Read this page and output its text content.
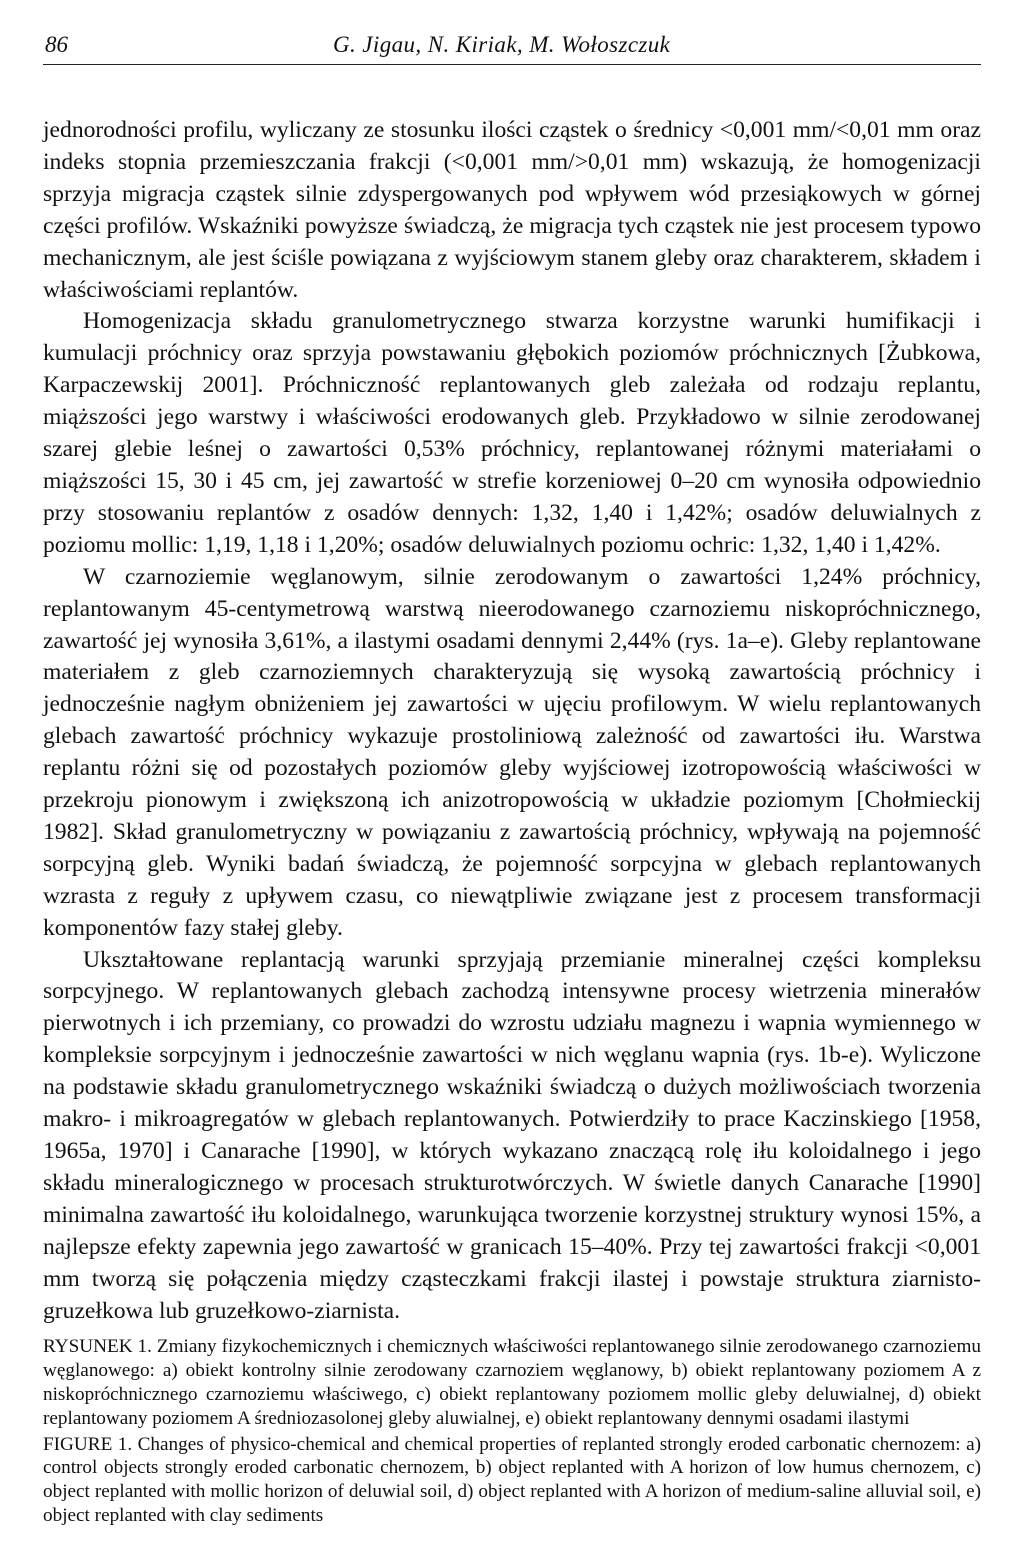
86	G. Jigau, N. Kiriak, M. Wołoszczuk

jednorodności profilu, wyliczany ze stosunku ilości cząstek o średnicy <0,001 mm/<0,01 mm oraz indeks stopnia przemieszczania frakcji (<0,001 mm/>0,01 mm) wskazują, że homogenizacji sprzyja migracja cząstek silnie zdyspergowanych pod wpływem wód przesiąkowych w górnej części profilów. Wskaźniki powyższe świadczą, że migracja tych cząstek nie jest procesem typowo mechanicznym, ale jest ściśle powiązana z wyjściowym stanem gleby oraz charakterem, składem i właściwościami replantów.

Homogenizacja składu granulometrycznego stwarza korzystne warunki humifikacji i kumulacji próchnicy oraz sprzyja powstawaniu głębokich poziomów próchnicznych [Żubkowa, Karpaczewskij 2001]. Próchniczność replantowanych gleb zależała od rodzaju replantu, miąższości jego warstwy i właściwości erodowanych gleb. Przykładowo w silnie zerodowanej szarej glebie leśnej o zawartości 0,53% próchnicy, replantowanej różnymi materiałami o miąższości 15, 30 i 45 cm, jej zawartość w strefie korzeniowej 0–20 cm wynosiła odpowiednio przy stosowaniu replantów z osadów dennych: 1,32, 1,40 i 1,42%; osadów deluwialnych z poziomu mollic: 1,19, 1,18 i 1,20%; osadów deluwialnych poziomu ochric: 1,32, 1,40 i 1,42%.

W czarnoziemie węglanowym, silnie zerodowanym o zawartości 1,24% próchnicy, replantowanym 45-centymetrową warstwą nieerodowanego czarnoziemu niskopróchnicznego, zawartość jej wynosiła 3,61%, a ilastymi osadami dennymi 2,44% (rys. 1a–e). Gleby replantowane materiałem z gleb czarnoziemnych charakteryzują się wysoką zawartością próchnicy i jednocześnie nagłym obniżeniem jej zawartości w ujęciu profilowym. W wielu replantowanych glebach zawartość próchnicy wykazuje prostoliniową zależność od zawartości iłu. Warstwa replantu różni się od pozostałych poziomów gleby wyjściowej izotropowością właściwości w przekroju pionowym i zwiększoną ich anizotropowością w układzie poziomym [Chołmieckij 1982]. Skład granulometryczny w powiązaniu z zawartością próchnicy, wpływają na pojemność sorpcyjną gleb. Wyniki badań świadczą, że pojemność sorpcyjna w glebach replantowanych wzrasta z reguły z upływem czasu, co niewątpliwie związane jest z procesem transformacji komponentów fazy stałej gleby.

Ukształtowane replantacją warunki sprzyjają przemianie mineralnej części kompleksu sorpcyjnego. W replantowanych glebach zachodzą intensywne procesy wietrzenia minerałów pierwotnych i ich przemiany, co prowadzi do wzrostu udziału magnezu i wapnia wymiennego w kompleksie sorpcyjnym i jednocześnie zawartości w nich węglanu wapnia (rys. 1b-e). Wyliczone na podstawie składu granulometrycznego wskaźniki świadczą o dużych możliwościach tworzenia makro- i mikroagregatów w glebach replantowanych. Potwierdziły to prace Kaczinskiego [1958, 1965a, 1970] i Canarache [1990], w których wykazano znaczącą rolę iłu koloidalnego i jego składu mineralogicznego w procesach strukturotwórczych. W świetle danych Canarache [1990] minimalna zawartość iłu koloidalnego, warunkująca tworzenie korzystnej struktury wynosi 15%, a najlepsze efekty zapewnia jego zawartość w granicach 15–40%. Przy tej zawartości frakcji <0,001 mm tworzą się połączenia między cząsteczkami frakcji ilastej i powstaje struktura ziarnisto-gruzełkowa lub gruzełkowo-ziarnista.

RYSUNEK 1. Zmiany fizykochemicznych i chemicznych właściwości replantowanego silnie zerodowanego czarnoziemu węglanowego: a) obiekt kontrolny silnie zerodowany czarnoziem węglanowy, b) obiekt replantowany poziomem A z niskopróchnicznego czarnoziemu właściwego, c) obiekt replantowany poziomem mollic gleby deluwialnej, d) obiekt replantowany poziomem A średniozasolonej gleby aluwialnej, e) obiekt replantowany dennymi osadami ilastymi

FIGURE 1. Changes of physico-chemical and chemical properties of replanted strongly eroded carbonatic chernozem: a) control objects strongly eroded carbonatic chernozem, b) object replanted with A horizon of low humus chernozem, c) object replanted with mollic horizon of deluwial soil, d) object replanted with A horizon of medium-saline alluvial soil, e) object replanted with clay sediments
